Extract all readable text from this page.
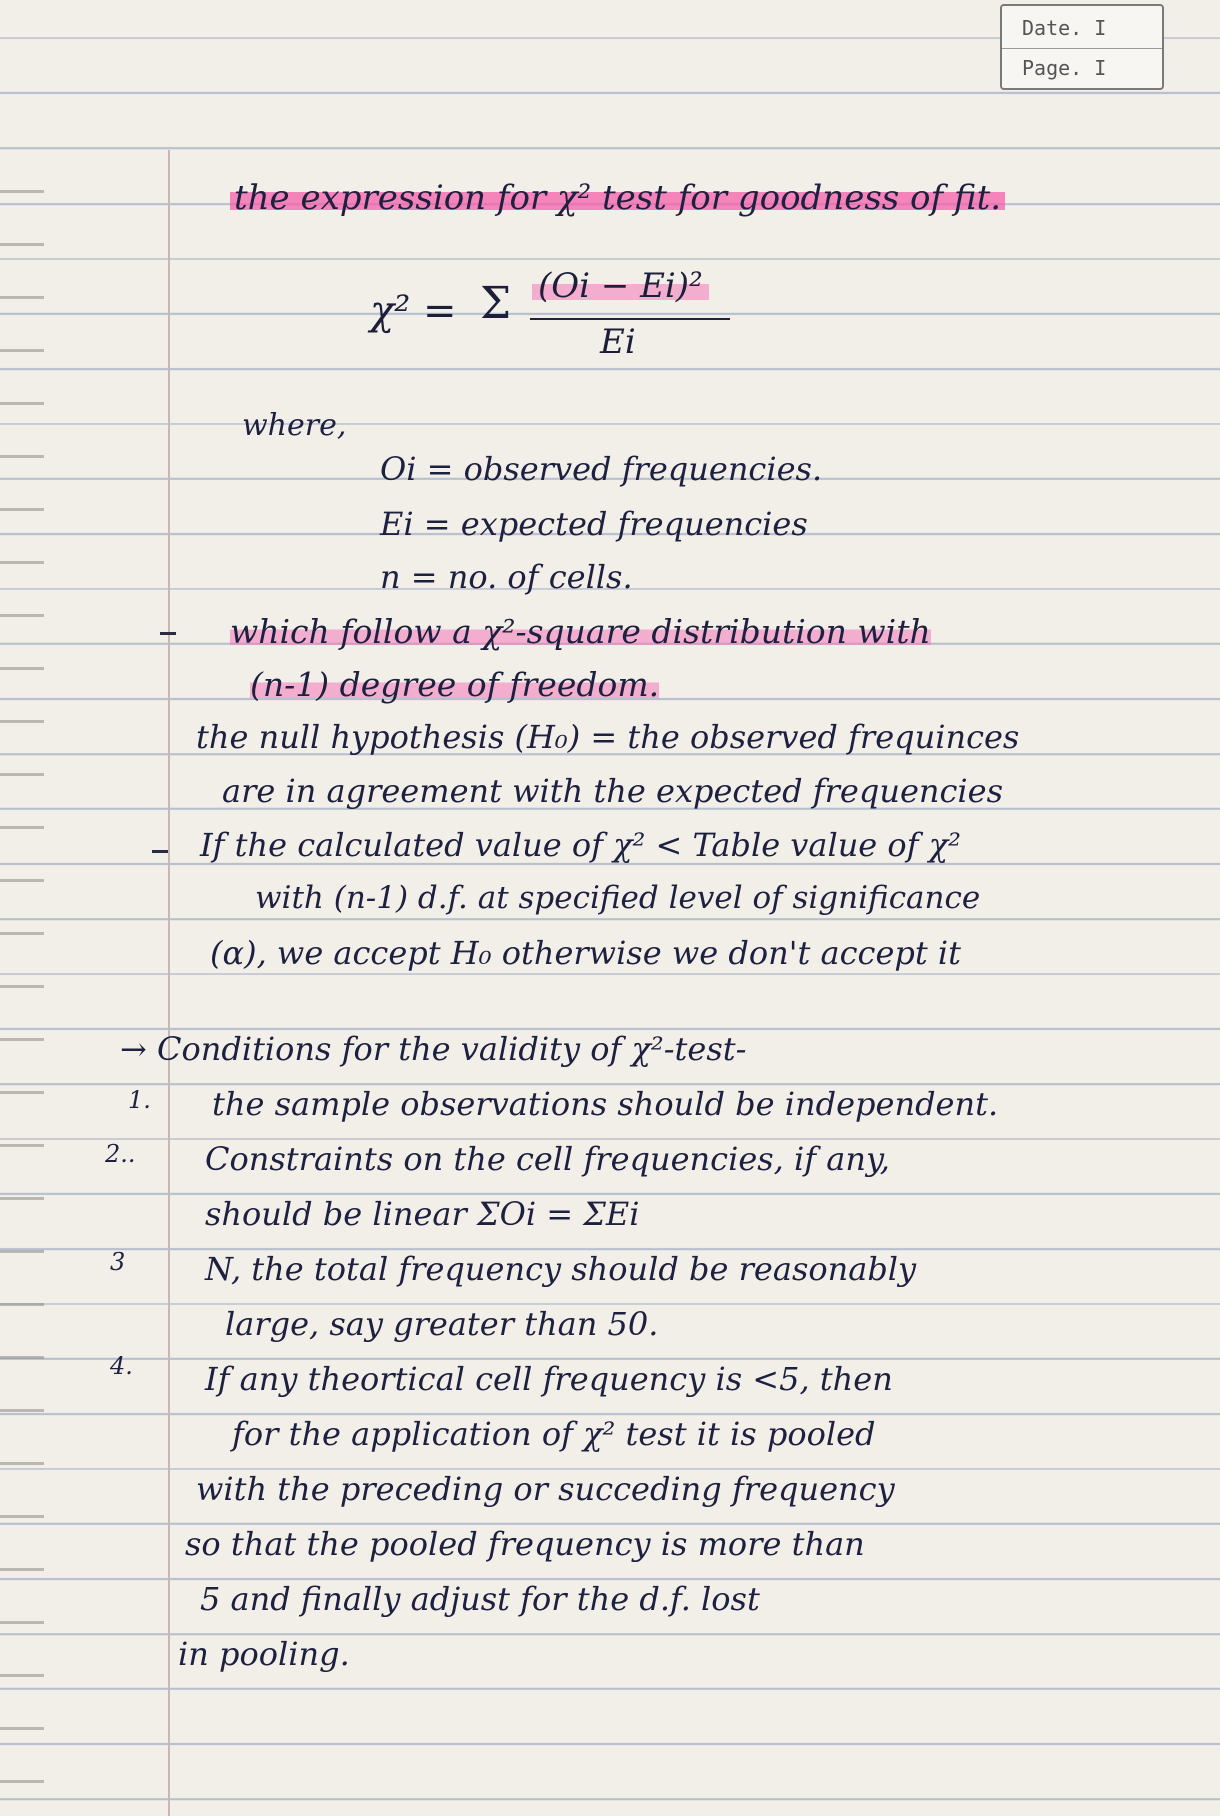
Date. I
Page. I
the expression for χ² test for goodness of fit.
χ² = Σ (Oi − Ei)²
Ei
where,
Oi = observed frequencies.
Ei = expected frequencies
n = no. of cells.
which follow a χ²-square distribution with
(n-1) degree of freedom.
the null hypothesis (H₀) = the observed frequinces
are in agreement with the expected frequencies
If the calculated value of χ² < Table value of χ²
with (n-1) d.f. at specified level of significance
(α), we accept H₀ otherwise we don't accept it
→ Conditions for the validity of χ²-test-
1. the sample observations should be independent.
2.. Constraints on the cell frequencies, if any,
should be linear ΣOi = ΣEi
3 N, the total frequency should be reasonably
large, say greater than 50.
4. If any theortical cell frequency is <5, then
for the application of χ² test it is pooled
with the preceding or succeding frequency
so that the pooled frequency is more than
5 and finally adjust for the d.f. lost
in pooling.
